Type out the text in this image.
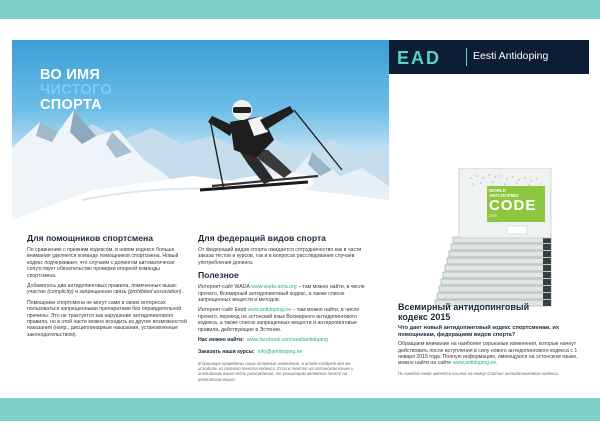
ВО ИМЯ
ЧИСТОГО
СПОРТА
EAD	Eesti Antidoping
WORLD
ANTI-DOPING
CODE
2015
Для помощников спортсмена

По сравнению с прежним кодексом, в новом кодексе больше внимания уделяется команде помощников спортсмена. Новый кодекс подчеркивает, что случаям с допингом автоматически сопутствует обязательство проверки опорной команды спортсмена.

Добавилось два антидопинговых правила, помеченных выше: участие (complicity) и запрещенная связь (prohibited association).

Помощники спортсмена не могут сами в своих интересах пользоваться запрещенными препаратами без оправдательной причины. Это не трактуется как нарушение антидопингового правила, но в этой части можно исходить из других возможностей наказания (напр., дисциплинарные наказания, установленные законодательством).

Для федераций видов спорта

От федераций видов спорта ожидается сотрудничество как в части заказа тестов и курсов, так и в вопросах расследования случаев употребления допинга.

Полезное

Интернет-сайт WADA www.wada-ama.org – там можно найти, в числе прочего, Всемирный антидопинговый кодекс, а также список запрещенных веществ и методов.

Интернет-сайт Eesti www.antidoping.ee – там можно найти, в числе прочего, перевод на эстонский язык Всемирного антидопингового кодекса, а также список запрещенных веществ и антидопинговые правила, действующие в Эстонии.

Нас можно найти: www.facebook.com/eestiantidoping

Заказать наши курсы: info@antidoping.ee

В брошюре приведены лишь основные изменения, в итоге следует все же исходить из полного текста кодекса. Если в тексте на эстонском языке и английском языке есть расхождения, то решающим является текст на английском языке.

Всемирный антидопинговый
кодекс 2015

Что дает новый антидопинговый кодекс спортсменам, их помощникам, федерациям видов спорта?

Обращаем внимание на наиболее серьезные изменения, которые начнут действовать после вступления в силу нового антидопингового кодекса с 1 января 2015 года. Полную информацию, имеющуюся на эстонском языке, можно найти на сайте www.antidoping.ee.

По каждой теме имеется ссылка на номер статьи антидопингового кодекса.
